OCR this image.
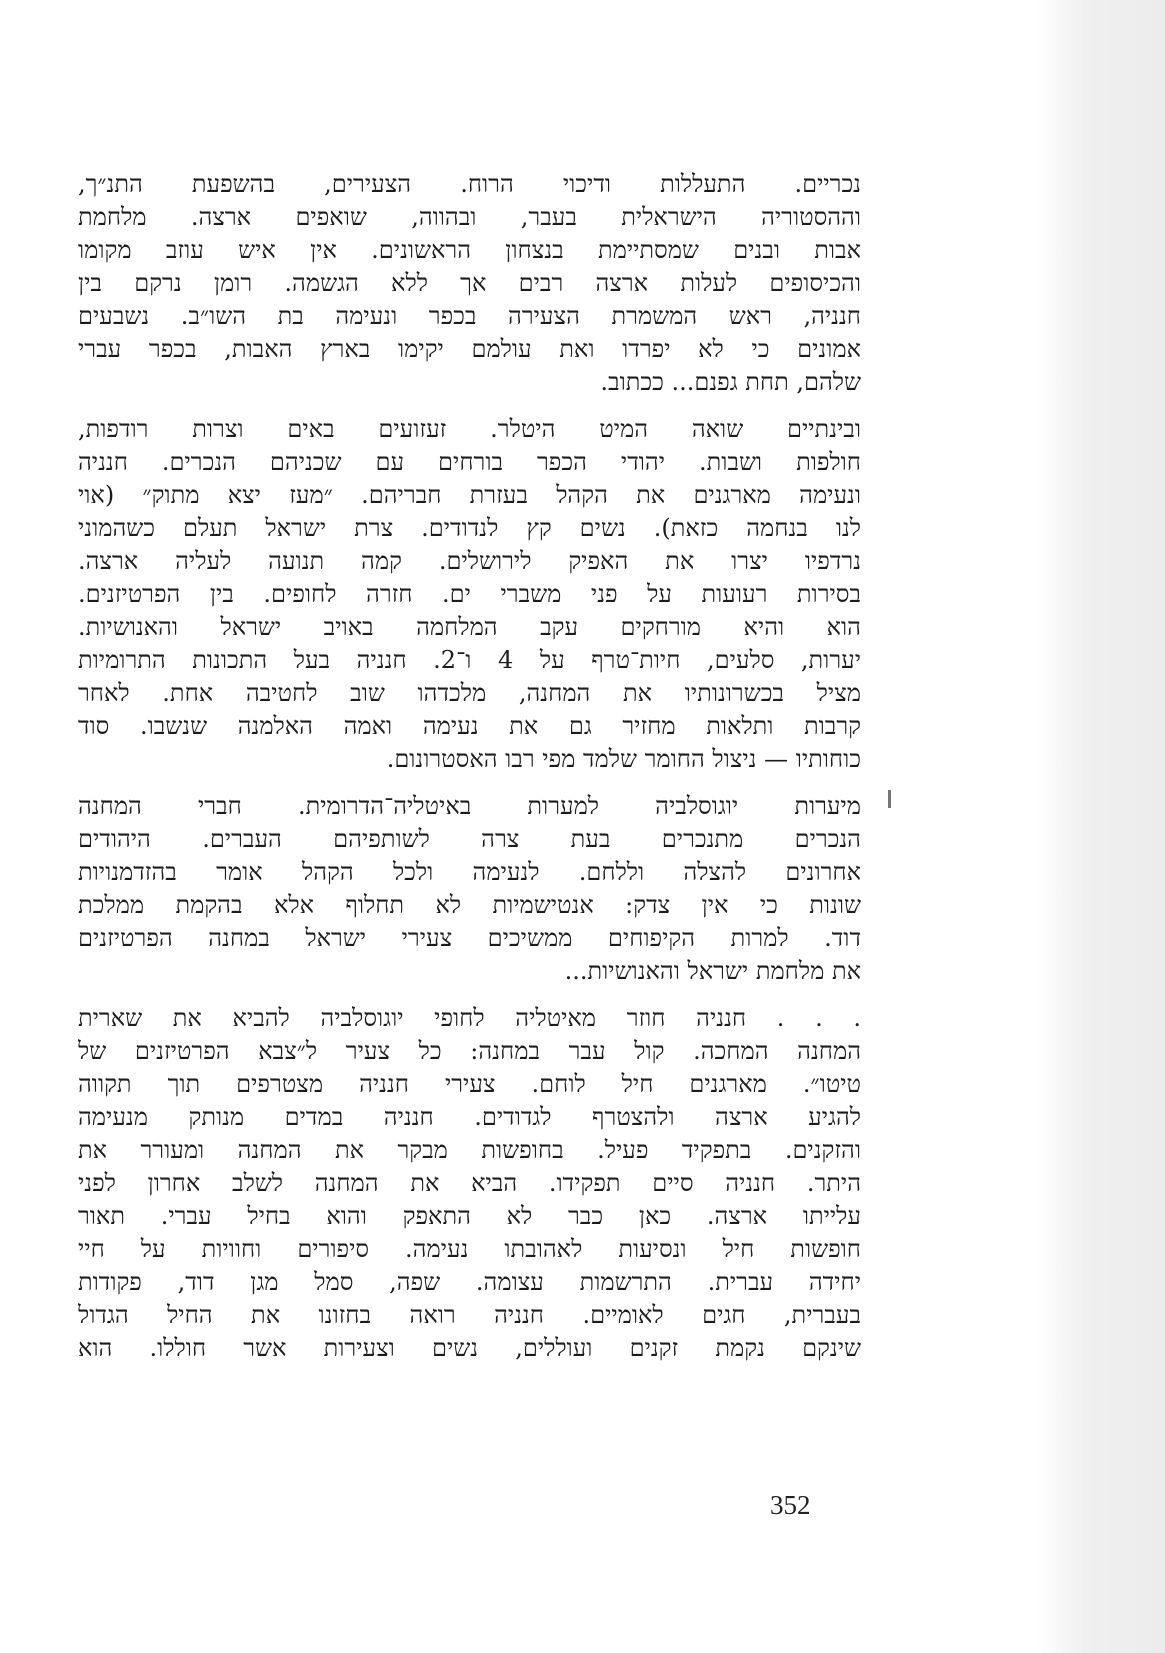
נכריים. התעללות ודיכוי הרוח. הצעירים, בהשפעת התנ״ך,
וההסטוריה הישראלית בעבר, ובהווה, שואפים ארצה. מלחמת
אבות ובנים שמסתיימת בנצחון הראשונים. אין איש עוזב מקומו
והכיסופים לעלות ארצה רבים אך ללא הגשמה. רומן נרקם בין
חנניה, ראש המשמרת הצעירה בכפר ונעימה בת השו״ב. נשבעים
אמונים כי לא יפרדו ואת עולמם יקימו בארץ האבות, בכפר עברי
שלהם, תחת גפנם... ככתוב.

ובינתיים שואה המיט היטלר. זעזועים באים וצרות רודפות,
חולפות ושבות. יהודי הכפר בורחים עם שכניהם הנכרים. חנניה
ונעימה מארגנים את הקהל בעזרת חבריהם. ״מעז יצא מתוק״ (אוי
לנו בנחמה כזאת). נשים קץ לנדודים. צרת ישראל תעלם כשהמוני
נרדפיו יצרו את האפיק לירושלים. קמה תנועה לעליה ארצה.
בסירות רעועות על פני משברי ים. חזרה לחופים. בין הפרטיזנים.
הוא והיא מורחקים עקב המלחמה באויב ישראל והאנושיות.
יערות, סלעים, חיות־טרף על 4 ו־2. חנניה בעל התכונות התרומיות
מציל בכשרונותיו את המחנה, מלכדהו שוב לחטיבה אחת. לאחר
קרבות ותלאות מחזיר גם את נעימה ואמה האלמנה שנשבו. סוד
כוחותיו — ניצול החומר שלמד מפי רבו האסטרונום.

מיערות יוגוסלביה למערות באיטליה־הדרומית. חברי המחנה
הנכרים מתנכרים בעת צרה לשותפיהם העברים. היהודים
אחרונים להצלה וללחם. לנעימה ולכל הקהל אומר בהזדמנויות
שונות כי אין צדק: אנטישמיות לא תחלוף אלא בהקמת ממלכת
דוד. למרות הקיפוחים ממשיכים צעירי ישראל במחנה הפרטיזנים
את מלחמת ישראל והאנושיות...

. . . חנניה חוזר מאיטליה לחופי יוגוסלביה להביא את שארית
המחנה המחכה. קול עבר במחנה: כל צעיר ל״צבא הפרטיזנים של
טיטו״. מארגנים חיל לוחם. צעירי חנניה מצטרפים תוך תקווה
להגיע ארצה ולהצטרף לגדודים. חנניה במדים מנותק מנעימה
והזקנים. בתפקיד פעיל. בחופשות מבקר את המחנה ומעורר את
היתר. חנניה סיים תפקידו. הביא את המחנה לשלב אחרון לפני
עלייתו ארצה. כאן כבר לא התאפק והוא בחיל עברי. תאור
חופשות חיל ונסיעות לאהובתו נעימה. סיפורים וחוויות על חיי
יחידה עברית. התרשמות עצומה. שפה, סמל מגן דוד, פקודות
בעברית, חגים לאומיים. חנניה רואה בחזונו את החיל הגדול
שינקם נקמת זקנים ועוללים, נשים וצעירות אשר חוללו. הוא

352
